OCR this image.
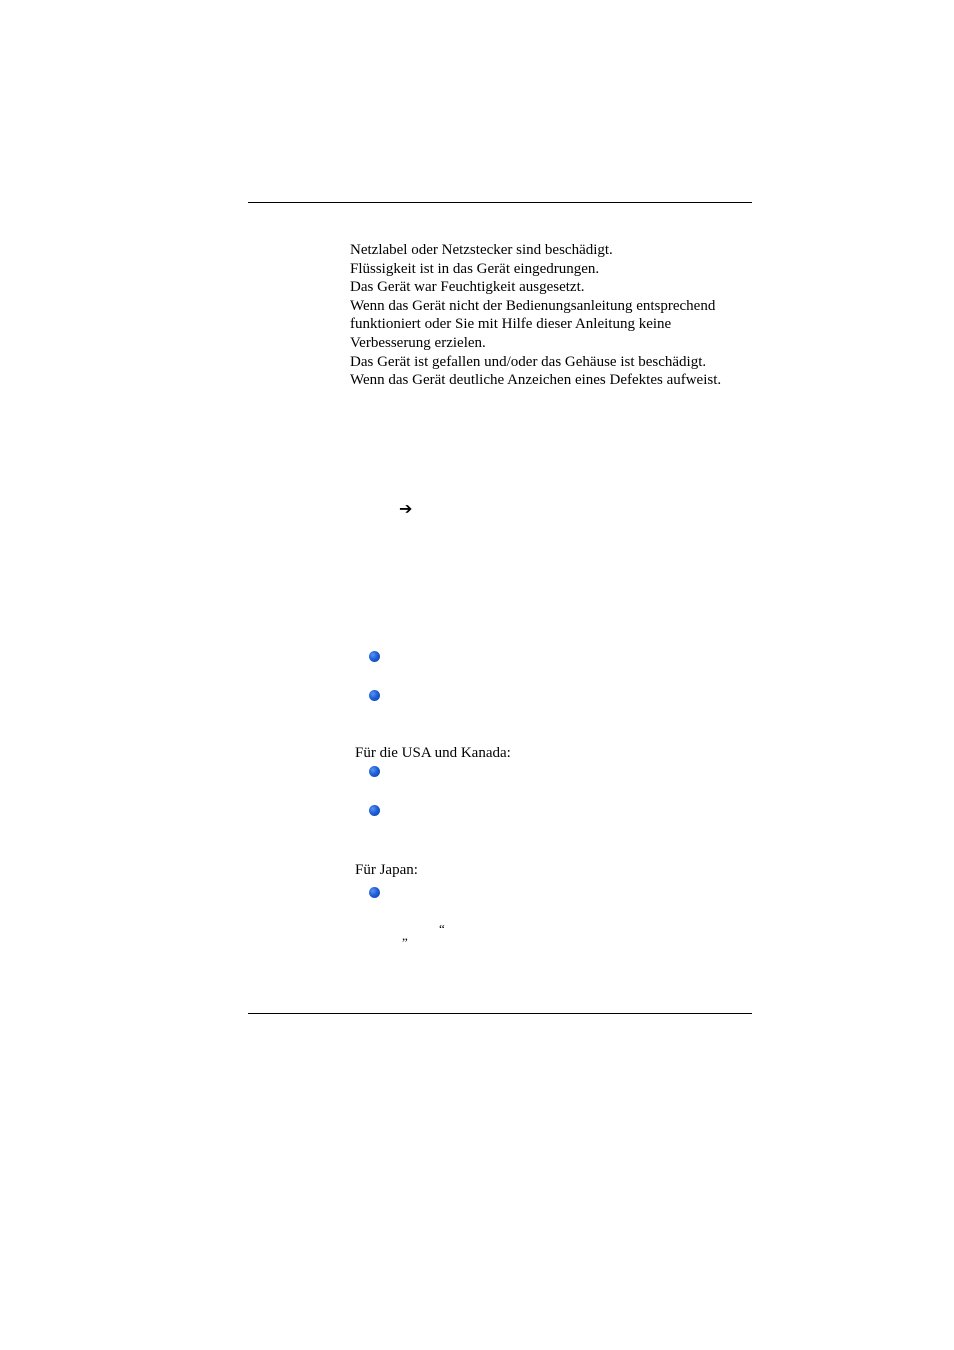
Netzlabel oder Netzstecker sind beschädigt.
Flüssigkeit ist in das Gerät eingedrungen.
Das Gerät war Feuchtigkeit ausgesetzt.
Wenn das Gerät nicht der Bedienungsanleitung entsprechend
funktioniert oder Sie mit Hilfe dieser Anleitung keine
Verbesserung erzielen.
Das Gerät ist gefallen und/oder das Gehäuse ist beschädigt.
Wenn das Gerät deutliche Anzeichen eines Defektes aufweist.
➔
Für die USA und Kanada:
Für Japan:
„ “
